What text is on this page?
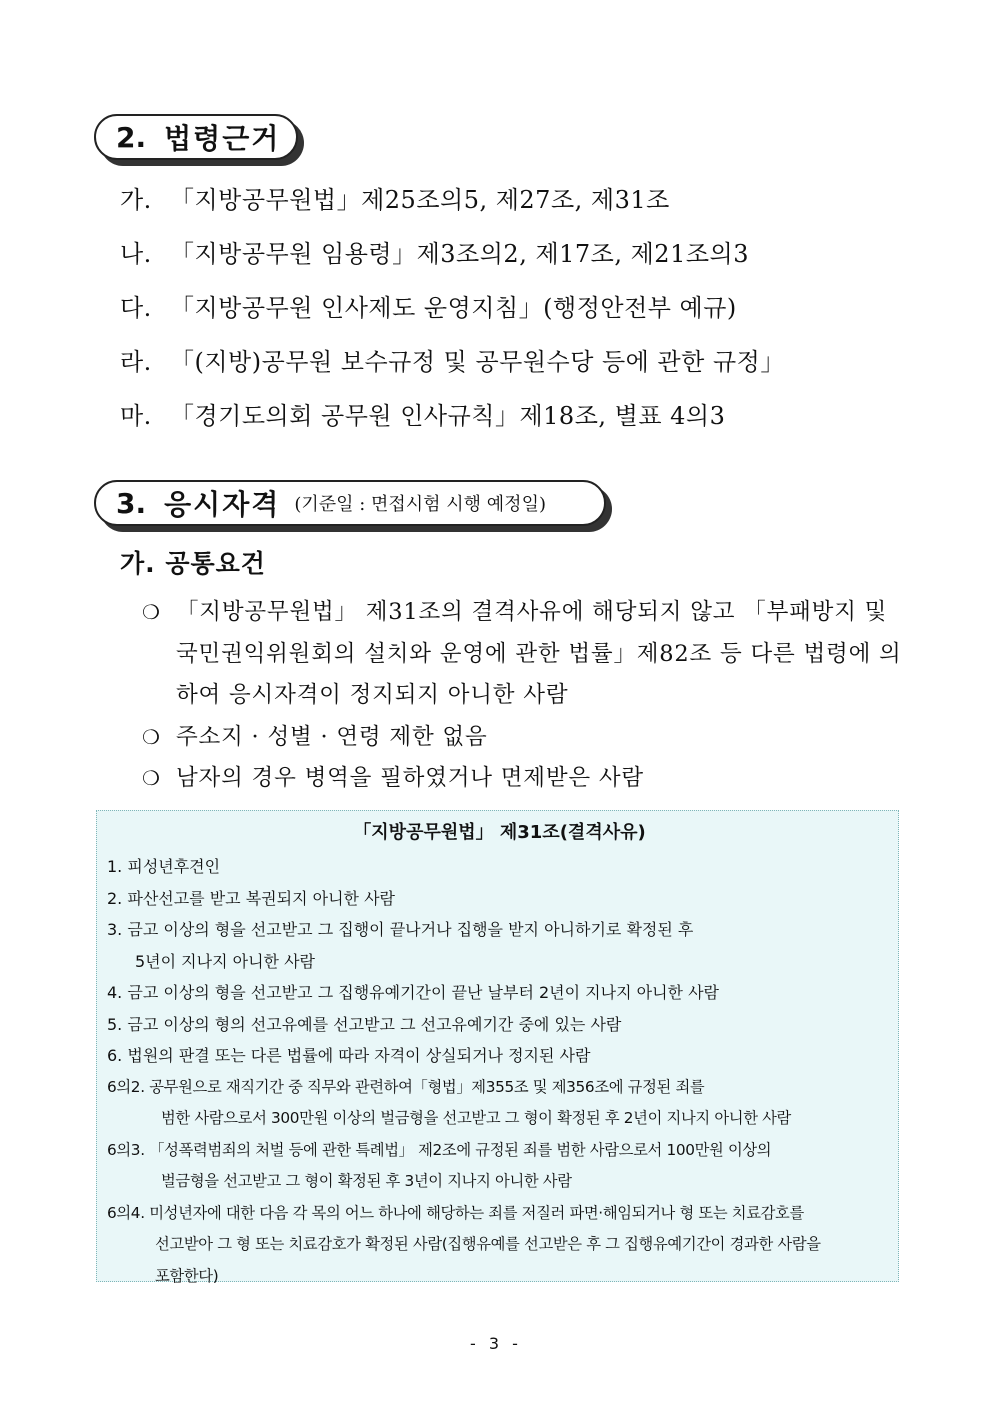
2. 법령근거
가. 「지방공무원법」제25조의5, 제27조, 제31조
나. 「지방공무원 임용령」제3조의2, 제17조, 제21조의3
다. 「지방공무원 인사제도 운영지침」(행정안전부 예규)
라. 「(지방)공무원 보수규정 및 공무원수당 등에 관한 규정」
마. 「경기도의회 공무원 인사규칙」제18조, 별표 4의3
3. 응시자격 (기준일 : 면접시험 시행 예정일)
가. 공통요건
❍ 「지방공무원법」 제31조의 결격사유에 해당되지 않고 「부패방지 및 국민권익위원회의 설치와 운영에 관한 법률」제82조 등 다른 법령에 의하여 응시자격이 정지되지 아니한 사람
❍ 주소지 · 성별 · 연령 제한 없음
❍ 남자의 경우 병역을 필하였거나 면제받은 사람
「지방공무원법」 제31조(결격사유)
1. 피성년후견인
2. 파산선고를 받고 복권되지 아니한 사람
3. 금고 이상의 형을 선고받고 그 집행이 끝나거나 집행을 받지 아니하기로 확정된 후
5년이 지나지 아니한 사람
4. 금고 이상의 형을 선고받고 그 집행유예기간이 끝난 날부터 2년이 지나지 아니한 사람
5. 금고 이상의 형의 선고유예를 선고받고 그 선고유예기간 중에 있는 사람
6. 법원의 판결 또는 다른 법률에 따라 자격이 상실되거나 정지된 사람
6의2. 공무원으로 재직기간 중 직무와 관련하여「형법」제355조 및 제356조에 규정된 죄를
범한 사람으로서 300만원 이상의 벌금형을 선고받고 그 형이 확정된 후 2년이 지나지 아니한 사람
6의3. 「성폭력범죄의 처벌 등에 관한 특례법」 제2조에 규정된 죄를 범한 사람으로서 100만원 이상의
벌금형을 선고받고 그 형이 확정된 후 3년이 지나지 아니한 사람
6의4. 미성년자에 대한 다음 각 목의 어느 하나에 해당하는 죄를 저질러 파면·해임되거나 형 또는 치료감호를
선고받아 그 형 또는 치료감호가 확정된 사람(집행유예를 선고받은 후 그 집행유예기간이 경과한 사람을
포함한다)
- 3 -
